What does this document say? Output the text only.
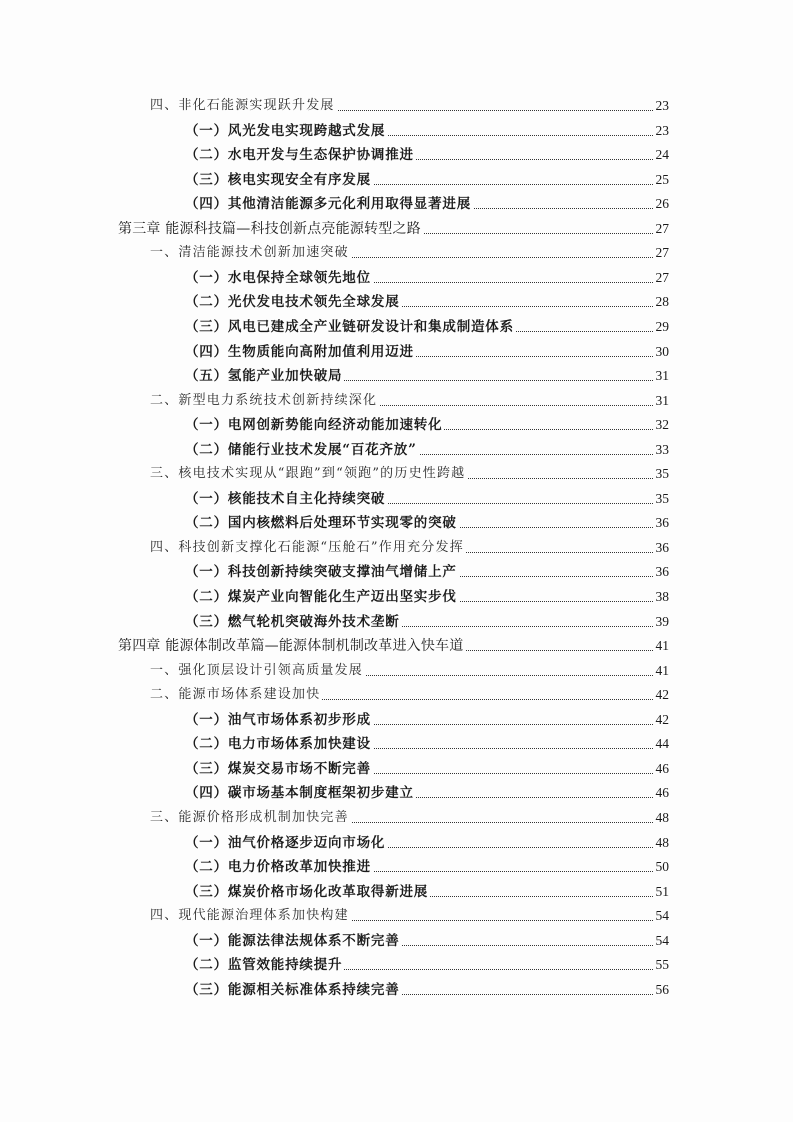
四、非化石能源实现跃升发展	23
（一）风光发电实现跨越式发展	23
（二）水电开发与生态保护协调推进	24
（三）核电实现安全有序发展	25
（四）其他清洁能源多元化利用取得显著进展	26
第三章 能源科技篇—科技创新点亮能源转型之路	27
一、清洁能源技术创新加速突破	27
（一）水电保持全球领先地位	27
（二）光伏发电技术领先全球发展	28
（三）风电已建成全产业链研发设计和集成制造体系	29
（四）生物质能向高附加值利用迈进	30
（五）氢能产业加快破局	31
二、新型电力系统技术创新持续深化	31
（一）电网创新势能向经济动能加速转化	32
（二）储能行业技术发展“百花齐放”	33
三、核电技术实现从“跟跑”到“领跑”的历史性跨越	35
（一）核能技术自主化持续突破	35
（二）国内核燃料后处理环节实现零的突破	36
四、科技创新支撑化石能源“压舱石”作用充分发挥	36
（一）科技创新持续突破支撑油气增储上产	36
（二）煤炭产业向智能化生产迈出坚实步伐	38
（三）燃气轮机突破海外技术垄断	39
第四章 能源体制改革篇—能源体制机制改革进入快车道	41
一、强化顶层设计引领高质量发展	41
二、能源市场体系建设加快	42
（一）油气市场体系初步形成	42
（二）电力市场体系加快建设	44
（三）煤炭交易市场不断完善	46
（四）碳市场基本制度框架初步建立	46
三、能源价格形成机制加快完善	48
（一）油气价格逐步迈向市场化	48
（二）电力价格改革加快推进	50
（三）煤炭价格市场化改革取得新进展	51
四、现代能源治理体系加快构建	54
（一）能源法律法规体系不断完善	54
（二）监管效能持续提升	55
（三）能源相关标准体系持续完善	56
